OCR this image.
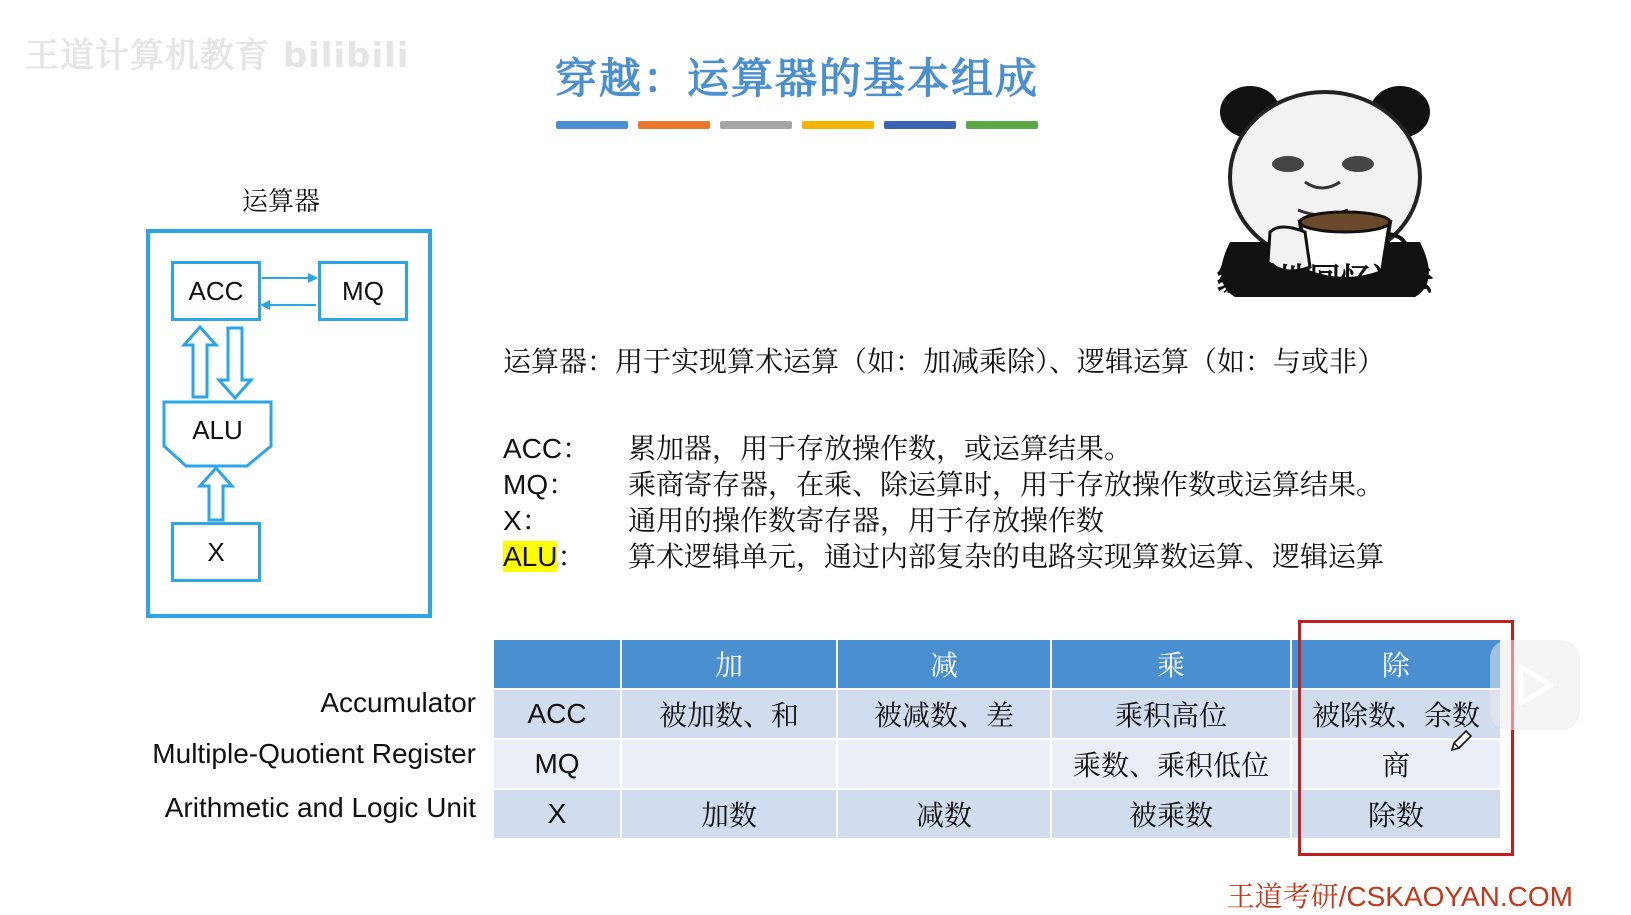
王道计算机教育 bilibili	穿越：运算器的基本组成
运算器
ACC	MQ
ALU
X
缓缓地回忆过去
运算器：用于实现算术运算（如：加减乘除）、逻辑运算（如：与或非）
ACC： 累加器，用于存放操作数，或运算结果。
MQ： 乘商寄存器，在乘、除运算时，用于存放操作数或运算结果。
X：	通用的操作数寄存器，用于存放操作数
ALU： 算术逻辑单元，通过内部复杂的电路实现算数运算、逻辑运算
Accumulator
Multiple-Quotient Register
Arithmetic and Logic Unit
	加	减	乘	除
ACC	被加数、和	被减数、差	乘积高位	被除数、余数
MQ			乘数、乘积低位	商
X	加数	减数	被乘数	除数
王道考研/CSKAOYAN.COM
